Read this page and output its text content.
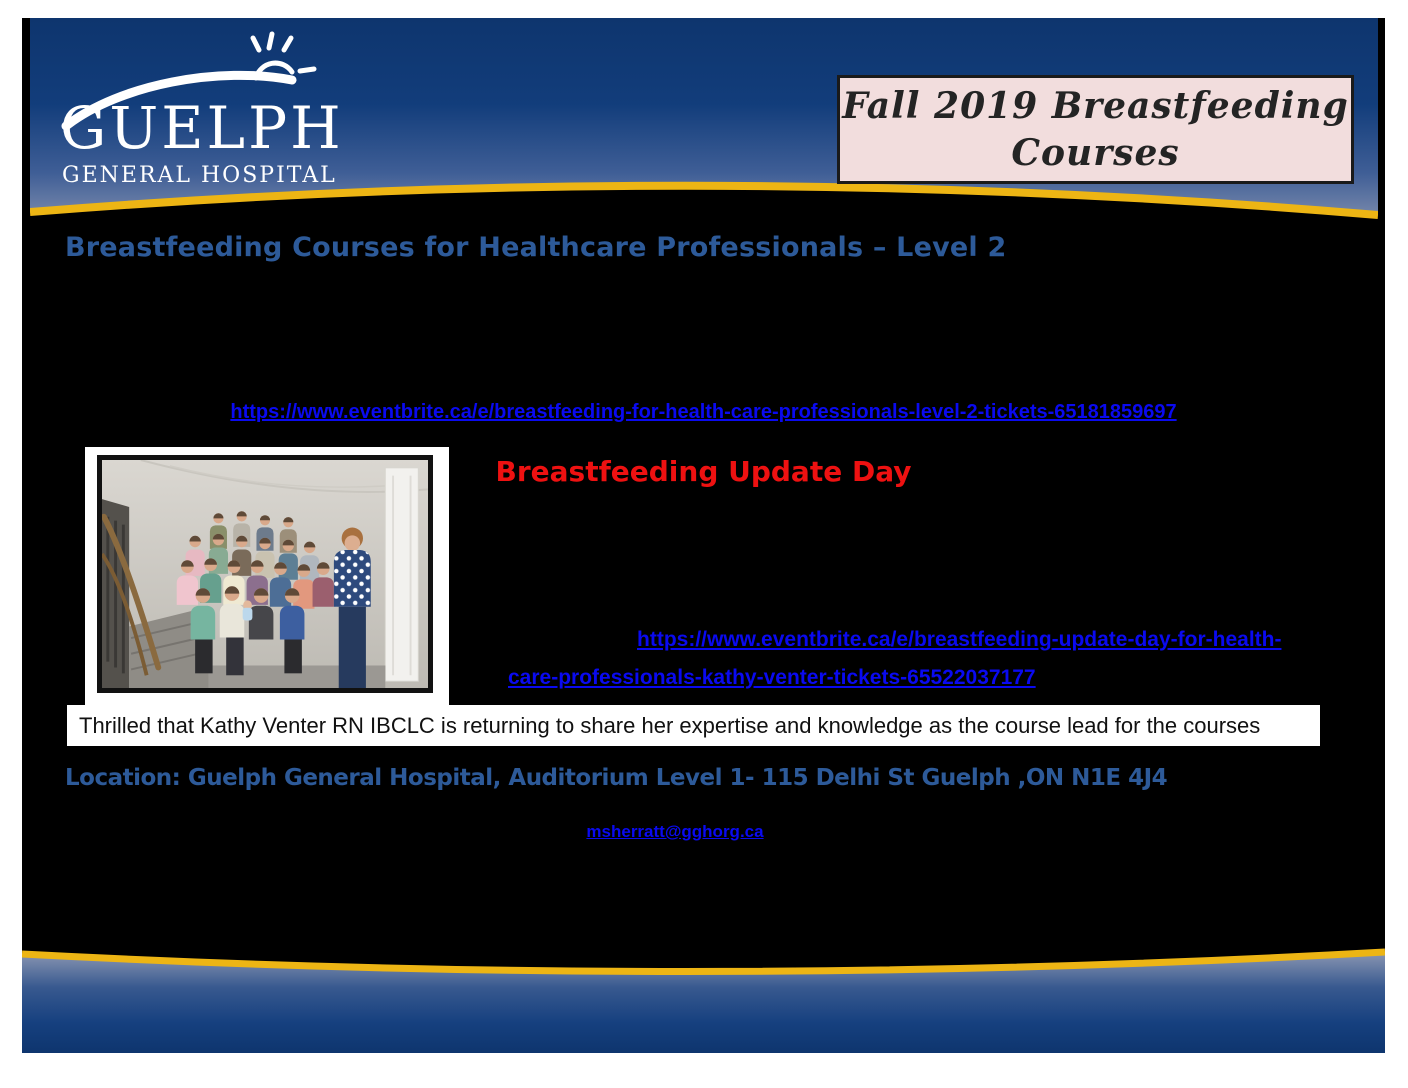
GUELPH
GENERAL HOSPITAL
Fall 2019 Breastfeeding
Courses
Breastfeeding Courses for Healthcare Professionals – Level 2
https://www.eventbrite.ca/e/breastfeeding-for-health-care-professionals-level-2-tickets-65181859697
Breastfeeding Update Day
https://www.eventbrite.ca/e/breastfeeding-update-day-for-health-
care-professionals-kathy-venter-tickets-65522037177
Thrilled that Kathy Venter RN IBCLC is returning to share her expertise and knowledge as the course lead for the courses
Location: Guelph General Hospital, Auditorium Level 1- 115 Delhi St Guelph ,ON N1E 4J4
msherratt@gghorg.ca
